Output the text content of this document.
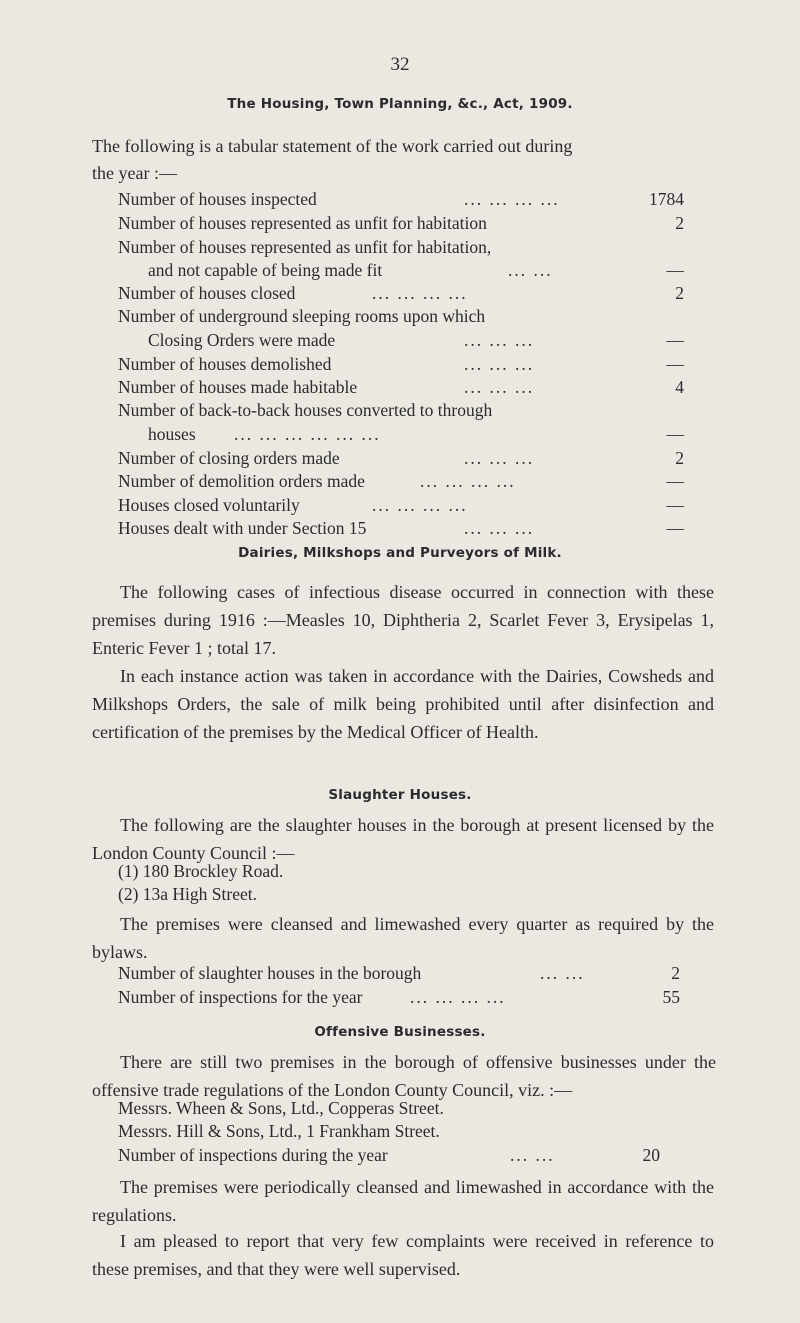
32
The Housing, Town Planning, &c., Act, 1909.
The following is a tabular statement of the work carried out during
the year :—
Number of houses inspected	... ... ... ...	1784
Number of houses represented as unfit for habitation	2
Number of houses represented as unfit for habitation,
and not capable of being made fit	... ...	—
Number of houses closed	... ... ... ...	2
Number of underground sleeping rooms upon which
Closing Orders were made	... ... ...	—
Number of houses demolished	... ... ...	—
Number of houses made habitable	... ... ...	4
Number of back-to-back houses converted to through
houses ... ... ... ... ... ...	—
Number of closing orders made	... ... ...	2
Number of demolition orders made	... ... ... ...	—
Houses closed voluntarily	... ... ... ...	—
Houses dealt with under Section 15	... ... ...	—
Dairies, Milkshops and Purveyors of Milk.

The following cases of infectious disease occurred in connection with these premises during 1916 :—Measles 10, Diphtheria 2, Scarlet Fever 3, Erysipelas 1, Enteric Fever 1 ; total 17.

In each instance action was taken in accordance with the Dairies, Cowsheds and Milkshops Orders, the sale of milk being prohibited until after disinfection and certification of the premises by the Medical Officer of Health.

Slaughter Houses.

The following are the slaughter houses in the borough at present licensed by the London County Council :—

(1) 180 Brockley Road.
(2) 13a High Street.

The premises were cleansed and limewashed every quarter as required by the bylaws.

Number of slaughter houses in the borough	... ...	2
Number of inspections for the year	... ... ... ...	55
Offensive Businesses.

There are still two premises in the borough of offensive businesses under the offensive trade regulations of the London County Council, viz. :—

Messrs. Wheen & Sons, Ltd., Copperas Street.
Messrs. Hill & Sons, Ltd., 1 Frankham Street.
Number of inspections during the year	... ...	20

The premises were periodically cleansed and limewashed in accordance with the regulations.

I am pleased to report that very few complaints were received in reference to these premises, and that they were well supervised.
